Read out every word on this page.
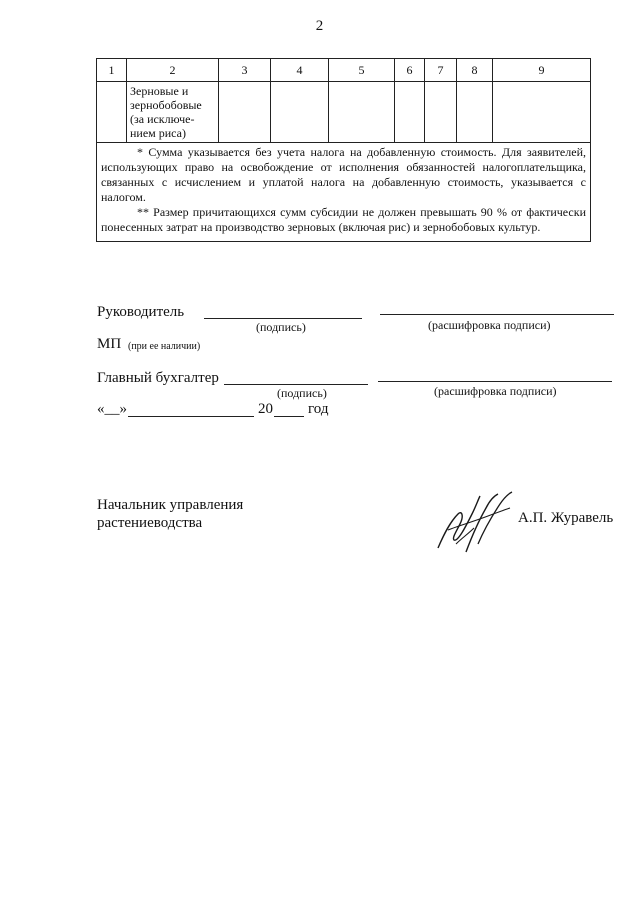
2
1	2	3	4	5	6	7	8	9

	Зерновые и
зернобобовые
(за исключе-
нием риса)							

* Сумма указывается без учета налога на добавленную стоимость. Для заявителей, использующих право на освобождение от исполнения обязанностей налогоплательщика, связанных с исчислением и уплатой налога на добавленную стоимость, указывается с налогом.

** Размер причитающихся сумм субсидии не должен превышать 90 % от фактически понесенных затрат на производство зерновых (включая рис) и зернобобовых культур.								

Руководитель
(подпись)	(расшифровка подписи)
МП (при ее наличии)
Главный бухгалтер
(подпись)	(расшифровка подписи)
«__»	20 год
Начальник управления
растениеводства	А.П. Журавель
